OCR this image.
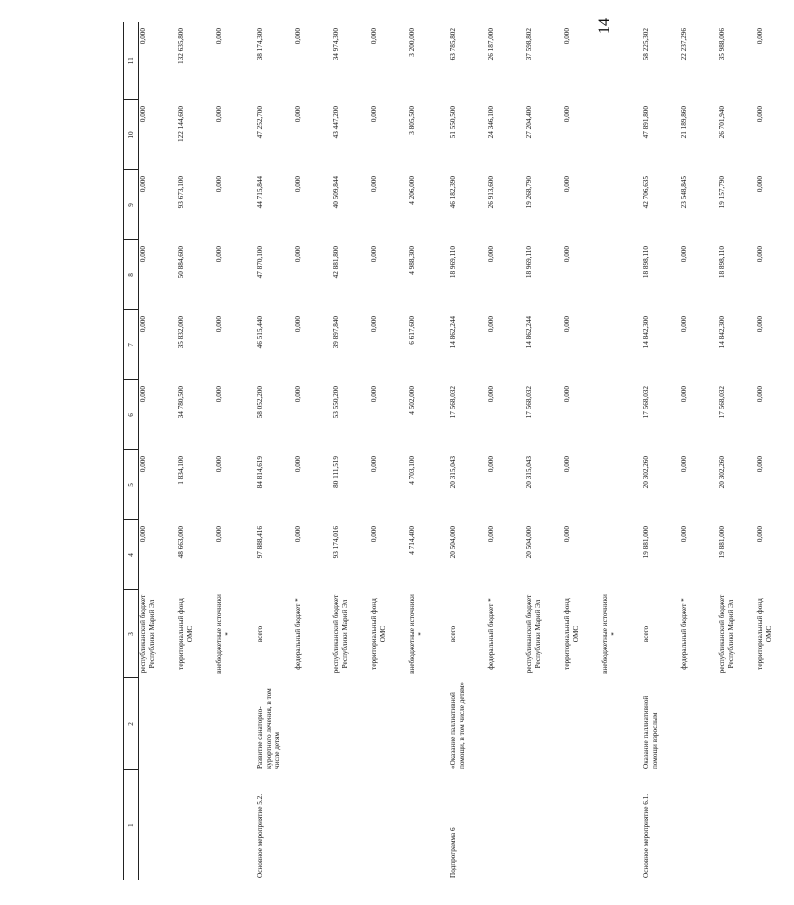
14
1	2	3	4	5	6	7	8	9	10	11
		республиканский бюджет Республики Марий Эл	0,000	0,000	0,000	0,000	0,000	0,000	0,000	0,000
		территориальный фонд ОМС	48 663,000	1 834,100	34 780,500	35 832,000	50 884,600	93 673,100	122 144,600	132 635,800
		внебюджетные источники *	0,000	0,000	0,000	0,000	0,000	0,000	0,000	0,000
Основное мероприятие 5.2.	Развитие санаторно-курортного лечения, в том числе детям	всего	97 888,416	84 814,619	58 052,200	46 515,440	47 870,100	44 715,844	47 252,700	38 174,300
		федеральный бюджет *	0,000	0,000	0,000	0,000	0,000	0,000	0,000	0,000
		республиканский бюджет Республики Марий Эл	93 174,016	80 111,519	53 550,200	39 897,840	42 881,800	40 509,844	43 447,200	34 974,300
		территориальный фонд ОМС	0,000	0,000	0,000	0,000	0,000	0,000	0,000	0,000
		внебюджетные источники *	4 714,400	4 703,100	4 502,000	6 617,600	4 988,300	4 206,000	3 805,500	3 200,000
Подпрограмма 6	«Оказание паллиативной помощи, в том числе детям»	всего	20 504,000	20 315,043	17 568,032	14 862,244	18 969,110	46 182,390	51 550,500	63 785,802
		федеральный бюджет *	0,000	0,000	0,000	0,000	0,000	26 913,600	24 346,100	26 187,000
		республиканский бюджет Республики Марий Эл	20 504,000	20 315,043	17 568,032	14 862,244	18 969,110	19 268,790	27 204,400	37 598,802
		территориальный фонд ОМС	0,000	0,000	0,000	0,000	0,000	0,000	0,000	0,000
		внебюджетные источники *								
Основное мероприятие 6.1.	Оказание паллиативной помощи взрослым	всего	19 881,000	20 302,260	17 568,032	14 842,300	18 898,110	42 706,635	47 891,800	58 225,302
		федеральный бюджет *	0,000	0,000	0,000	0,000	0,000	23 548,845	21 189,860	22 237,296
		республиканский бюджет Республики Марий Эл	19 881,000	20 302,260	17 568,032	14 842,300	18 898,110	19 157,790	26 701,940	35 988,006
		территориальный фонд ОМС	0,000	0,000	0,000	0,000	0,000	0,000	0,000	0,000
